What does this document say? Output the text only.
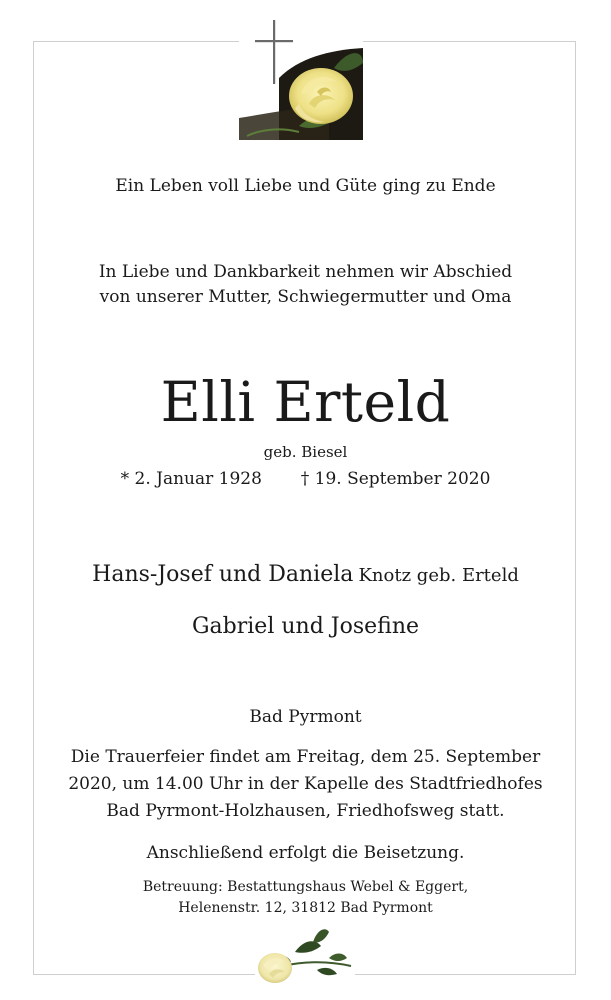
Ein Leben voll Liebe und Güte ging zu Ende
In Liebe und Dankbarkeit nehmen wir Abschied
von unserer Mutter, Schwiegermutter und Oma
Elli Erteld
geb. Biesel
* 2. Januar 1928 † 19. September 2020
Hans-Josef und Daniela Knotz geb. Erteld
Gabriel und Josefine
Bad Pyrmont
Die Trauerfeier findet am Freitag, dem 25. September
2020, um 14.00 Uhr in der Kapelle des Stadtfriedhofes
Bad Pyrmont-Holzhausen, Friedhofsweg statt.
Anschließend erfolgt die Beisetzung.
Betreuung: Bestattungshaus Webel & Eggert,
Helenenstr. 12, 31812 Bad Pyrmont
